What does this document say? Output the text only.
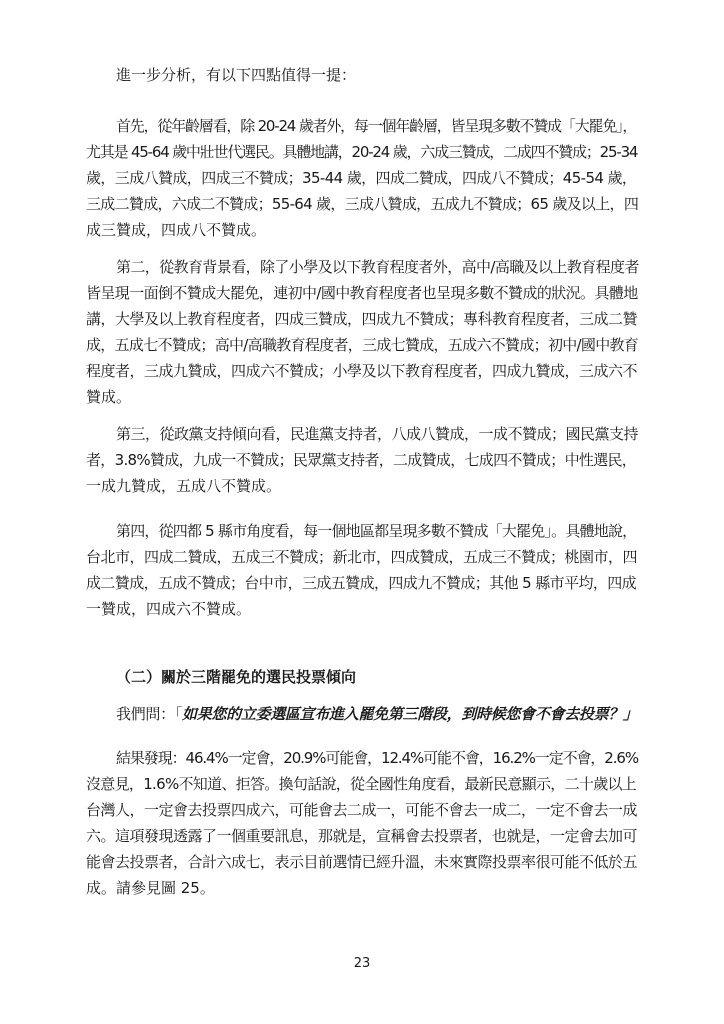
進一步分析，有以下四點值得一提：
首先，從年齡層看，除 20-24 歲者外，每一個年齡層，皆呈現多數不贊成「大罷免」，
尤其是 45-64 歲中壯世代選民。具體地講，20-24 歲，六成三贊成，二成四不贊成；25-34
歲，三成八贊成，四成三不贊成；35-44 歲，四成二贊成，四成八不贊成；45-54 歲，
三成二贊成，六成二不贊成；55-64 歲，三成八贊成，五成九不贊成；65 歲及以上，四
成三贊成，四成八不贊成。
第二，從教育背景看，除了小學及以下教育程度者外，高中/高職及以上教育程度者
皆呈現一面倒不贊成大罷免，連初中/國中教育程度者也呈現多數不贊成的狀況。具體地
講，大學及以上教育程度者，四成三贊成，四成九不贊成；專科教育程度者，三成二贊
成，五成七不贊成；高中/高職教育程度者，三成七贊成，五成六不贊成；初中/國中教育
程度者，三成九贊成，四成六不贊成；小學及以下教育程度者，四成九贊成，三成六不
贊成。
第三，從政黨支持傾向看，民進黨支持者，八成八贊成，一成不贊成；國民黨支持
者，3.8%贊成，九成一不贊成；民眾黨支持者，二成贊成，七成四不贊成；中性選民，
一成九贊成，五成八不贊成。
第四，從四都 5 縣市角度看，每一個地區都呈現多數不贊成「大罷免」。具體地說，
台北市，四成二贊成，五成三不贊成；新北市，四成贊成，五成三不贊成；桃園市，四
成二贊成，五成不贊成；台中市，三成五贊成，四成九不贊成；其他 5 縣市平均，四成
一贊成，四成六不贊成。
（二）關於三階罷免的選民投票傾向
我們問：「如果您的立委選區宣布進入罷免第三階段，到時候您會不會去投票？」
結果發現：46.4%一定會，20.9%可能會，12.4%可能不會，16.2%一定不會，2.6%
沒意見，1.6%不知道、拒答。換句話說，從全國性角度看，最新民意顯示，二十歲以上
台灣人，一定會去投票四成六，可能會去二成一，可能不會去一成二，一定不會去一成
六。這項發現透露了一個重要訊息，那就是，宣稱會去投票者，也就是，一定會去加可
能會去投票者，合計六成七，表示目前選情已經升溫，未來實際投票率很可能不低於五
成。請參見圖 25。
23
